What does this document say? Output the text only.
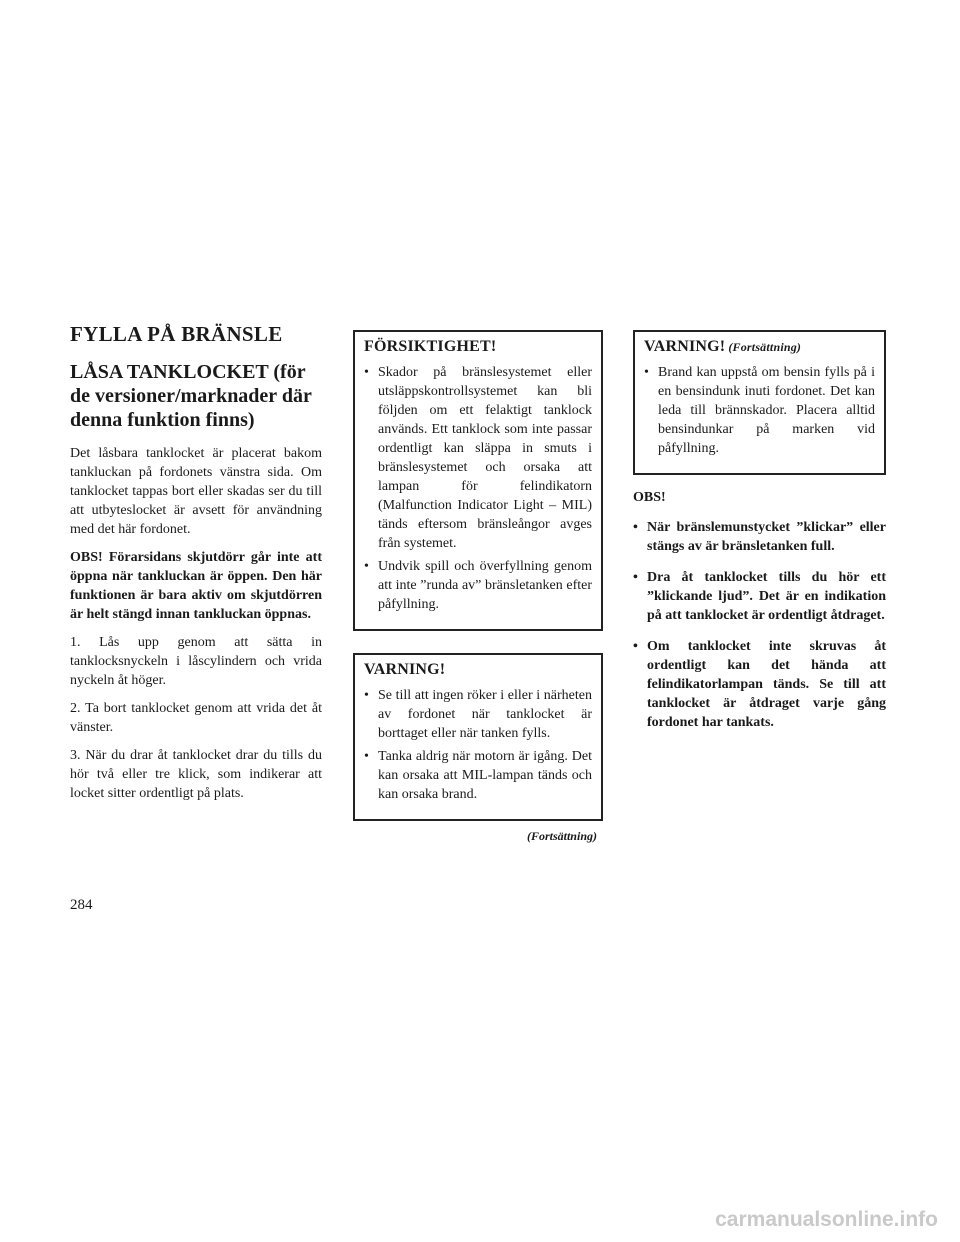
FYLLA PÅ BRÄNSLE
LÅSA TANKLOCKET (för de versioner/marknader där denna funktion finns)
Det låsbara tanklocket är placerat bakom tankluckan på fordonets vänstra sida. Om tanklocket tappas bort eller skadas ser du till att utbyteslocket är avsett för användning med det här fordonet.
OBS! Förarsidans skjutdörr går inte att öppna när tankluckan är öppen. Den här funktionen är bara aktiv om skjutdörren är helt stängd innan tankluckan öppnas.
1. Lås upp genom att sätta in tanklocksnyckeln i låscylindern och vrida nyckeln åt höger.
2. Ta bort tanklocket genom att vrida det åt vänster.
3. När du drar åt tanklocket drar du tills du hör två eller tre klick, som indikerar att locket sitter ordentligt på plats.
FÖRSIKTIGHET!
• Skador på bränslesystemet eller utsläppskontrollsystemet kan bli följden om ett felaktigt tanklock används. Ett tanklock som inte passar ordentligt kan släppa in smuts i bränslesystemet och orsaka att lampan för felindikatorn (Malfunction Indicator Light – MIL) tänds eftersom bränsleångor avges från systemet.
• Undvik spill och överfyllning genom att inte ”runda av” bränsletanken efter påfyllning.
VARNING!
• Se till att ingen röker i eller i närheten av fordonet när tanklocket är borttaget eller när tanken fylls.
• Tanka aldrig när motorn är igång. Det kan orsaka att MIL-lampan tänds och kan orsaka brand.
(Fortsättning)
VARNING! (Fortsättning)
• Brand kan uppstå om bensin fylls på i en bensindunk inuti fordonet. Det kan leda till brännskador. Placera alltid bensindunkar på marken vid påfyllning.
OBS!
• När bränslemunstycket ”klickar” eller stängs av är bränsletanken full.
• Dra åt tanklocket tills du hör ett ”klickande ljud”. Det är en indikation på att tanklocket är ordentligt åtdraget.
• Om tanklocket inte skruvas åt ordentligt kan det hända att felindikatorlampan tänds. Se till att tanklocket är åtdraget varje gång fordonet har tankats.
284
carmanualsonline.info
